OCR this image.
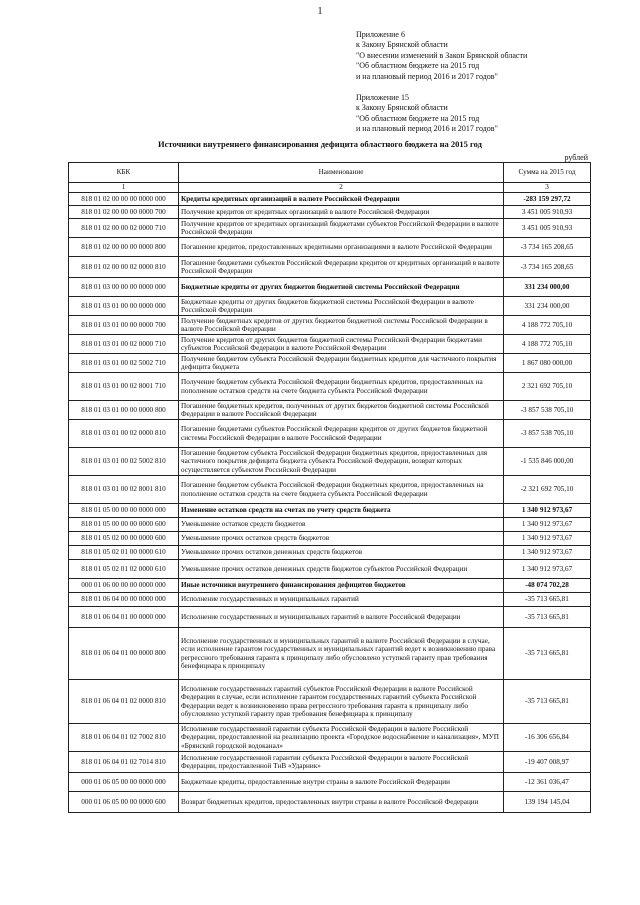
1
Приложение 6
к Закону Брянской области
"О внесении изменений в Закон Брянской области
"Об областном бюджете на 2015 год
и на плановый период 2016 и 2017 годов"
Приложение 15
к Закону Брянской области
"Об областном бюджете на 2015 год
и на плановый период 2016 и 2017 годов"
Источники внутреннего финансирования дефицита областного бюджета на 2015 год
рублей
КБК	Наименование	Сумма на 2015 год
1	2	3
818 01 02 00 00 00 0000 000	Кредиты кредитных организаций в валюте Российской Федерации	-283 159 297,72
818 01 02 00 00 00 0000 700	Получение кредитов от кредитных организаций в валюте Российской Федерации	3 451 005 910,93
818 01 02 00 00 02 0000 710	Получение кредитов от кредитных организаций бюджетами субъектов Российской Федерации в валюте Российской Федерации	3 451 005 910,93
818 01 02 00 00 00 0000 800	Погашение кредитов, предоставленных кредитными организациями в валюте Российской Федерации	-3 734 165 208,65
818 01 02 00 00 02 0000 810	Погашение бюджетами субъектов Российской Федерации кредитов от кредитных организаций в валюте Российской Федерации	-3 734 165 208,65
818 01 03 00 00 00 0000 000	Бюджетные кредиты от других бюджетов бюджетной системы Российской Федерации	331 234 000,00
818 01 03 01 00 00 0000 000	Бюджетные кредиты от других бюджетов бюджетной системы Российской Федерации в валюте Российской Федерации	331 234 000,00
818 01 03 01 00 00 0000 700	Получение бюджетных кредитов от других бюджетов бюджетной системы Российской Федерации в валюте Российской Федерации	4 188 772 705,10
818 01 03 01 00 02 0000 710	Получение кредитов от других бюджетов бюджетной системы Российской Федерации бюджетами субъектов Российской Федерации в валюте Российской Федерации	4 188 772 705,10
818 01 03 01 00 02 5002 710	Получение бюджетом субъекта Российской Федерации бюджетных кредитов для частичного покрытия дефицита бюджета	1 867 080 000,00
818 01 03 01 00 02 8001 710	Получение бюджетом субъекта Российской Федерации бюджетных кредитов, предоставленных на пополнение остатков средств на счете бюджета субъекта Российской Федерации	2 321 692 705,10
818 01 03 01 00 00 0000 800	Погашение бюджетных кредитов, полученных от других бюджетов бюджетной системы Российской Федерации в валюте Российской Федерации	-3 857 538 705,10
818 01 03 01 00 02 0000 810	Погашение бюджетами субъектов Российской Федерации кредитов от других бюджетов бюджетной системы Российской Федерации в валюте Российской Федерации	-3 857 538 705,10
818 01 03 01 00 02 5002 810	Погашение бюджетом субъекта Российской Федерации бюджетных кредитов, предоставленных для частичного покрытия дефицита бюджета субъекта Российской Федерации, возврат которых осуществляется субъектом Российской Федерации	-1 535 846 000,00
818 01 03 01 00 02 8001 810	Погашение бюджетом субъекта Российской Федерации бюджетных кредитов, предоставленных на пополнение остатков средств на счете бюджета субъекта Российской Федерации	-2 321 692 705,10
818 01 05 00 00 00 0000 000	Изменение остатков средств на счетах по учету средств бюджета	1 340 912 973,67
818 01 05 00 00 00 0000 600	Уменьшение остатков средств бюджетов	1 340 912 973,67
818 01 05 02 00 00 0000 600	Уменьшение прочих остатков средств бюджетов	1 340 912 973,67
818 01 05 02 01 00 0000 610	Уменьшение прочих остатков денежных средств бюджетов	1 340 912 973,67
818 01 05 02 01 02 0000 610	Уменьшение прочих остатков денежных средств бюджетов субъектов Российской Федерации	1 340 912 973,67
000 01 06 00 00 00 0000 000	Иные источники внутреннего финансирования дефицитов бюджетов	-48 074 702,28
818 01 06 04 00 00 0000 000	Исполнение государственных и муниципальных гарантий	-35 713 665,81
818 01 06 04 01 00 0000 000	Исполнение государственных и муниципальных гарантий в валюте Российской Федерации	-35 713 665,81
818 01 06 04 01 00 0000 800	Исполнение государственных и муниципальных гарантий в валюте Российской Федерации в случае, если исполнение гарантом государственных и муниципальных гарантий ведет к возникновению права регрессного требования гаранта к принципалу либо обусловлено уступкой гаранту прав требования бенефициара к принципалу	-35 713 665,81
818 01 06 04 01 02 0000 810	Исполнение государственных гарантий субъектов Российской Федерации в валюте Российской Федерации в случае, если исполнение гарантом государственных гарантий субъекта Российской Федерации ведет к возникновению права регрессного требования гаранта к принципалу либо обусловлено уступкой гаранту прав требования бенефициара к принципалу	-35 713 665,81
818 01 06 04 01 02 7002 810	Исполнение государственной гарантии субъекта Российской Федерации в валюте Российской Федерации, предоставленной на реализацию проекта «Городское водоснабжение и канализация», МУП «Брянский городской водоканал»	-16 306 656,84
818 01 06 04 01 02 7014 810	Исполнение государственной гарантии субъекта Российской Федерации в валюте Российской Федерации, предоставленной ТнВ «Ударник»	-19 407 008,97
000 01 06 05 00 00 0000 000	Бюджетные кредиты, предоставленные внутри страны в валюте Российской Федерации	-12 361 036,47
000 01 06 05 00 00 0000 600	Возврат бюджетных кредитов, предоставленных внутри страны в валюте Российской Федерации	139 194 145,04
